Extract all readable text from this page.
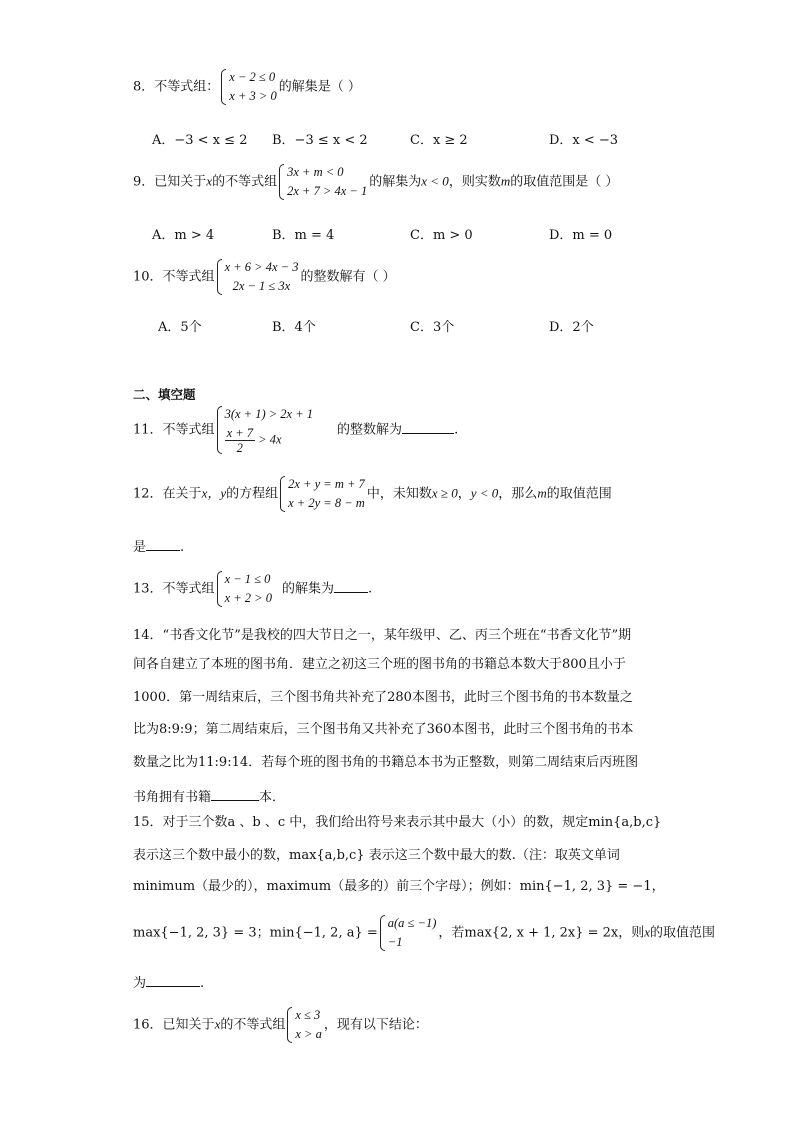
8．不等式组：
x − 2 ≤ 0
x + 3 > 0
的解集是（ ）
A．−3 < x ≤ 2 B．−3 ≤ x < 2	C．x ≥ 2	D．x < −3
9．已知关于x的不等式组
3x + m < 0
2x + 7 > 4x − 1
的解集为x < 0，则实数m的取值范围是（ ）
A．m > 4	B．m = 4	C．m > 0	D．m = 0
10．不等式组
x + 6 > 4x − 3
2x − 1 ≤ 3x
的整数解有（ ）
A．5个	B．4个	C．3个	D．2个
二、填空题
11．不等式组
3(x + 1) > 2x + 1
$\frac{x + 7}{2} > 4x$
的整数解为	.
12．在关于x，y的方程组
2x + y = m + 7
x + 2y = 8 − m
中，未知数x ≥ 0，y < 0，那么m的取值范围
是	.
13．不等式组
x − 1 ≤ 0
x + 2 > 0
的解集为	.
14．“书香文化节”是我校的四大节日之一，某年级甲、乙、丙三个班在“书香文化节”期
间各自建立了本班的图书角．建立之初这三个班的图书角的书籍总本数大于800且小于
1000．第一周结束后，三个图书角共补充了280本图书，此时三个图书角的书本数量之
比为8:9:9；第二周结束后，三个图书角又共补充了360本图书，此时三个图书角的书本
数量之比为11:9:14．若每个班的图书角的书籍总本书为正整数，则第二周结束后丙班图
书角拥有书籍	本．
15．对于三个数a 、b 、c 中，我们给出符号来表示其中最大（小）的数，规定min{a,b,c}
表示这三个数中最小的数，max{a,b,c} 表示这三个数中最大的数.（注：取英文单词
minimum（最少的），maximum（最多的）前三个字母）；例如：min{−1, 2, 3} = −1，
max{−1, 2, 3} = 3；min{−1, 2, a} =
a(a ≤ −1)
−1
，若max{2, x + 1, 2x} = 2x，则x的取值范围
为	.
16．已知关于x的不等式组
x ≤ 3
x > a
，现有以下结论：
